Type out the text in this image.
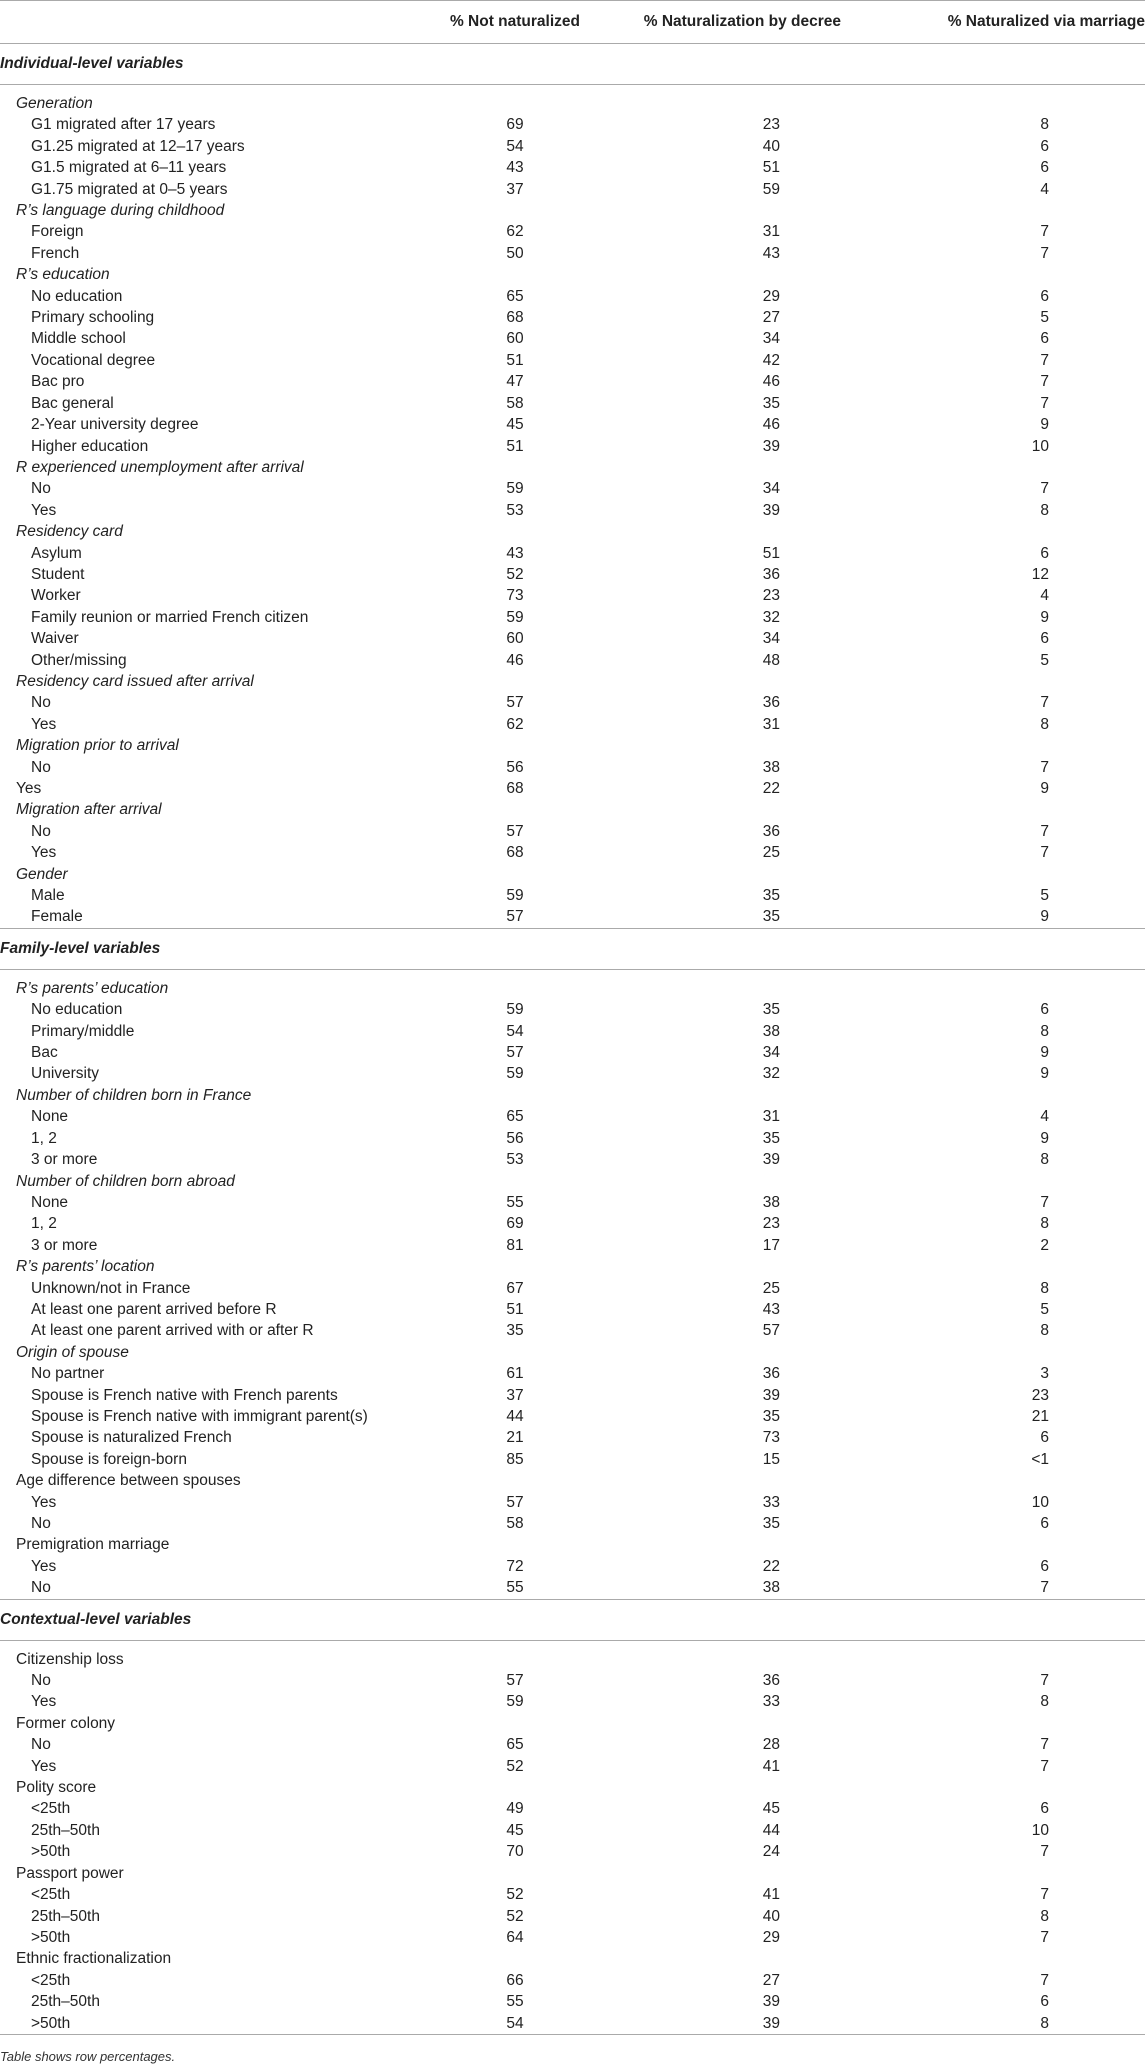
	% Not naturalized	% Naturalization by decree	% Naturalized via marriage
Individual-level variables			

Generation			
G1 migrated after 17 years	69	23	8
G1.25 migrated at 12–17 years	54	40	6
G1.5 migrated at 6–11 years	43	51	6
G1.75 migrated at 0–5 years	37	59	4
R’s language during childhood			
Foreign	62	31	7
French	50	43	7
R’s education			
No education	65	29	6
Primary schooling	68	27	5
Middle school	60	34	6
Vocational degree	51	42	7
Bac pro	47	46	7
Bac general	58	35	7
2-Year university degree	45	46	9
Higher education	51	39	10
R experienced unemployment after arrival			
No	59	34	7
Yes	53	39	8
Residency card			
Asylum	43	51	6
Student	52	36	12
Worker	73	23	4
Family reunion or married French citizen	59	32	9
Waiver	60	34	6
Other/missing	46	48	5
Residency card issued after arrival			
No	57	36	7
Yes	62	31	8
Migration prior to arrival			
No	56	38	7
Yes	68	22	9
Migration after arrival			
No	57	36	7
Yes	68	25	7
Gender			
Male	59	35	5
Female	57	35	9
Family-level variables			

R’s parents’ education			
No education	59	35	6
Primary/middle	54	38	8
Bac	57	34	9
University	59	32	9
Number of children born in France			
None	65	31	4
1, 2	56	35	9
3 or more	53	39	8
Number of children born abroad			
None	55	38	7
1, 2	69	23	8
3 or more	81	17	2
R’s parents’ location			
Unknown/not in France	67	25	8
At least one parent arrived before R	51	43	5
At least one parent arrived with or after R	35	57	8
Origin of spouse			
No partner	61	36	3
Spouse is French native with French parents	37	39	23
Spouse is French native with immigrant parent(s)	44	35	21
Spouse is naturalized French	21	73	6
Spouse is foreign-born	85	15	<1
Age difference between spouses			
Yes	57	33	10
No	58	35	6
Premigration marriage			
Yes	72	22	6
No	55	38	7
Contextual-level variables			

Citizenship loss			
No	57	36	7
Yes	59	33	8
Former colony			
No	65	28	7
Yes	52	41	7
Polity score			
<25th	49	45	6
25th–50th	45	44	10
>50th	70	24	7
Passport power			
<25th	52	41	7
25th–50th	52	40	8
>50th	64	29	7
Ethnic fractionalization			
<25th	66	27	7
25th–50th	55	39	6
>50th	54	39	8
Table shows row percentages.
